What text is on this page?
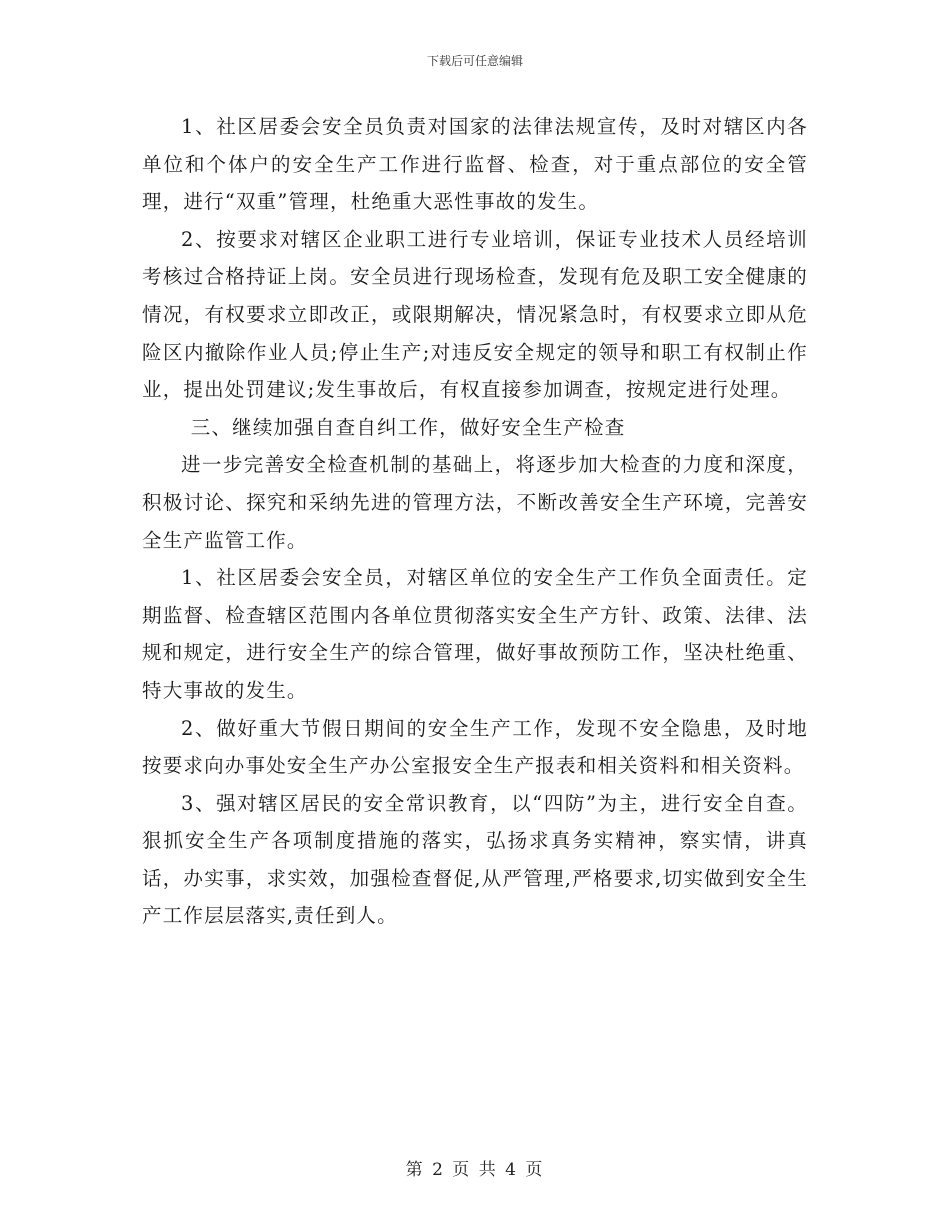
下载后可任意编辑

1、社区居委会安全员负责对国家的法律法规宣传，及时对辖区内各单位和个体户的安全生产工作进行监督、检查，对于重点部位的安全管理，进行“双重”管理，杜绝重大恶性事故的发生。

2、按要求对辖区企业职工进行专业培训，保证专业技术人员经培训考核过合格持证上岗。安全员进行现场检查，发现有危及职工安全健康的情况，有权要求立即改正，或限期解决，情况紧急时，有权要求立即从危险区内撤除作业人员;停止生产;对违反安全规定的领导和职工有权制止作业，提出处罚建议;发生事故后，有权直接参加调查，按规定进行处理。

三、继续加强自查自纠工作，做好安全生产检查

进一步完善安全检查机制的基础上，将逐步加大检查的力度和深度，积极讨论、探究和采纳先进的管理方法，不断改善安全生产环境，完善安全生产监管工作。

1、社区居委会安全员，对辖区单位的安全生产工作负全面责任。定期监督、检查辖区范围内各单位贯彻落实安全生产方针、政策、法律、法规和规定，进行安全生产的综合管理，做好事故预防工作，坚决杜绝重、特大事故的发生。

2、做好重大节假日期间的安全生产工作，发现不安全隐患，及时地按要求向办事处安全生产办公室报安全生产报表和相关资料和相关资料。

3、强对辖区居民的安全常识教育，以“四防”为主，进行安全自查。狠抓安全生产各项制度措施的落实，弘扬求真务实精神，察实情，讲真话，办实事，求实效，加强检查督促,从严管理,严格要求,切实做到安全生产工作层层落实,责任到人。

第 2 页 共 4 页
